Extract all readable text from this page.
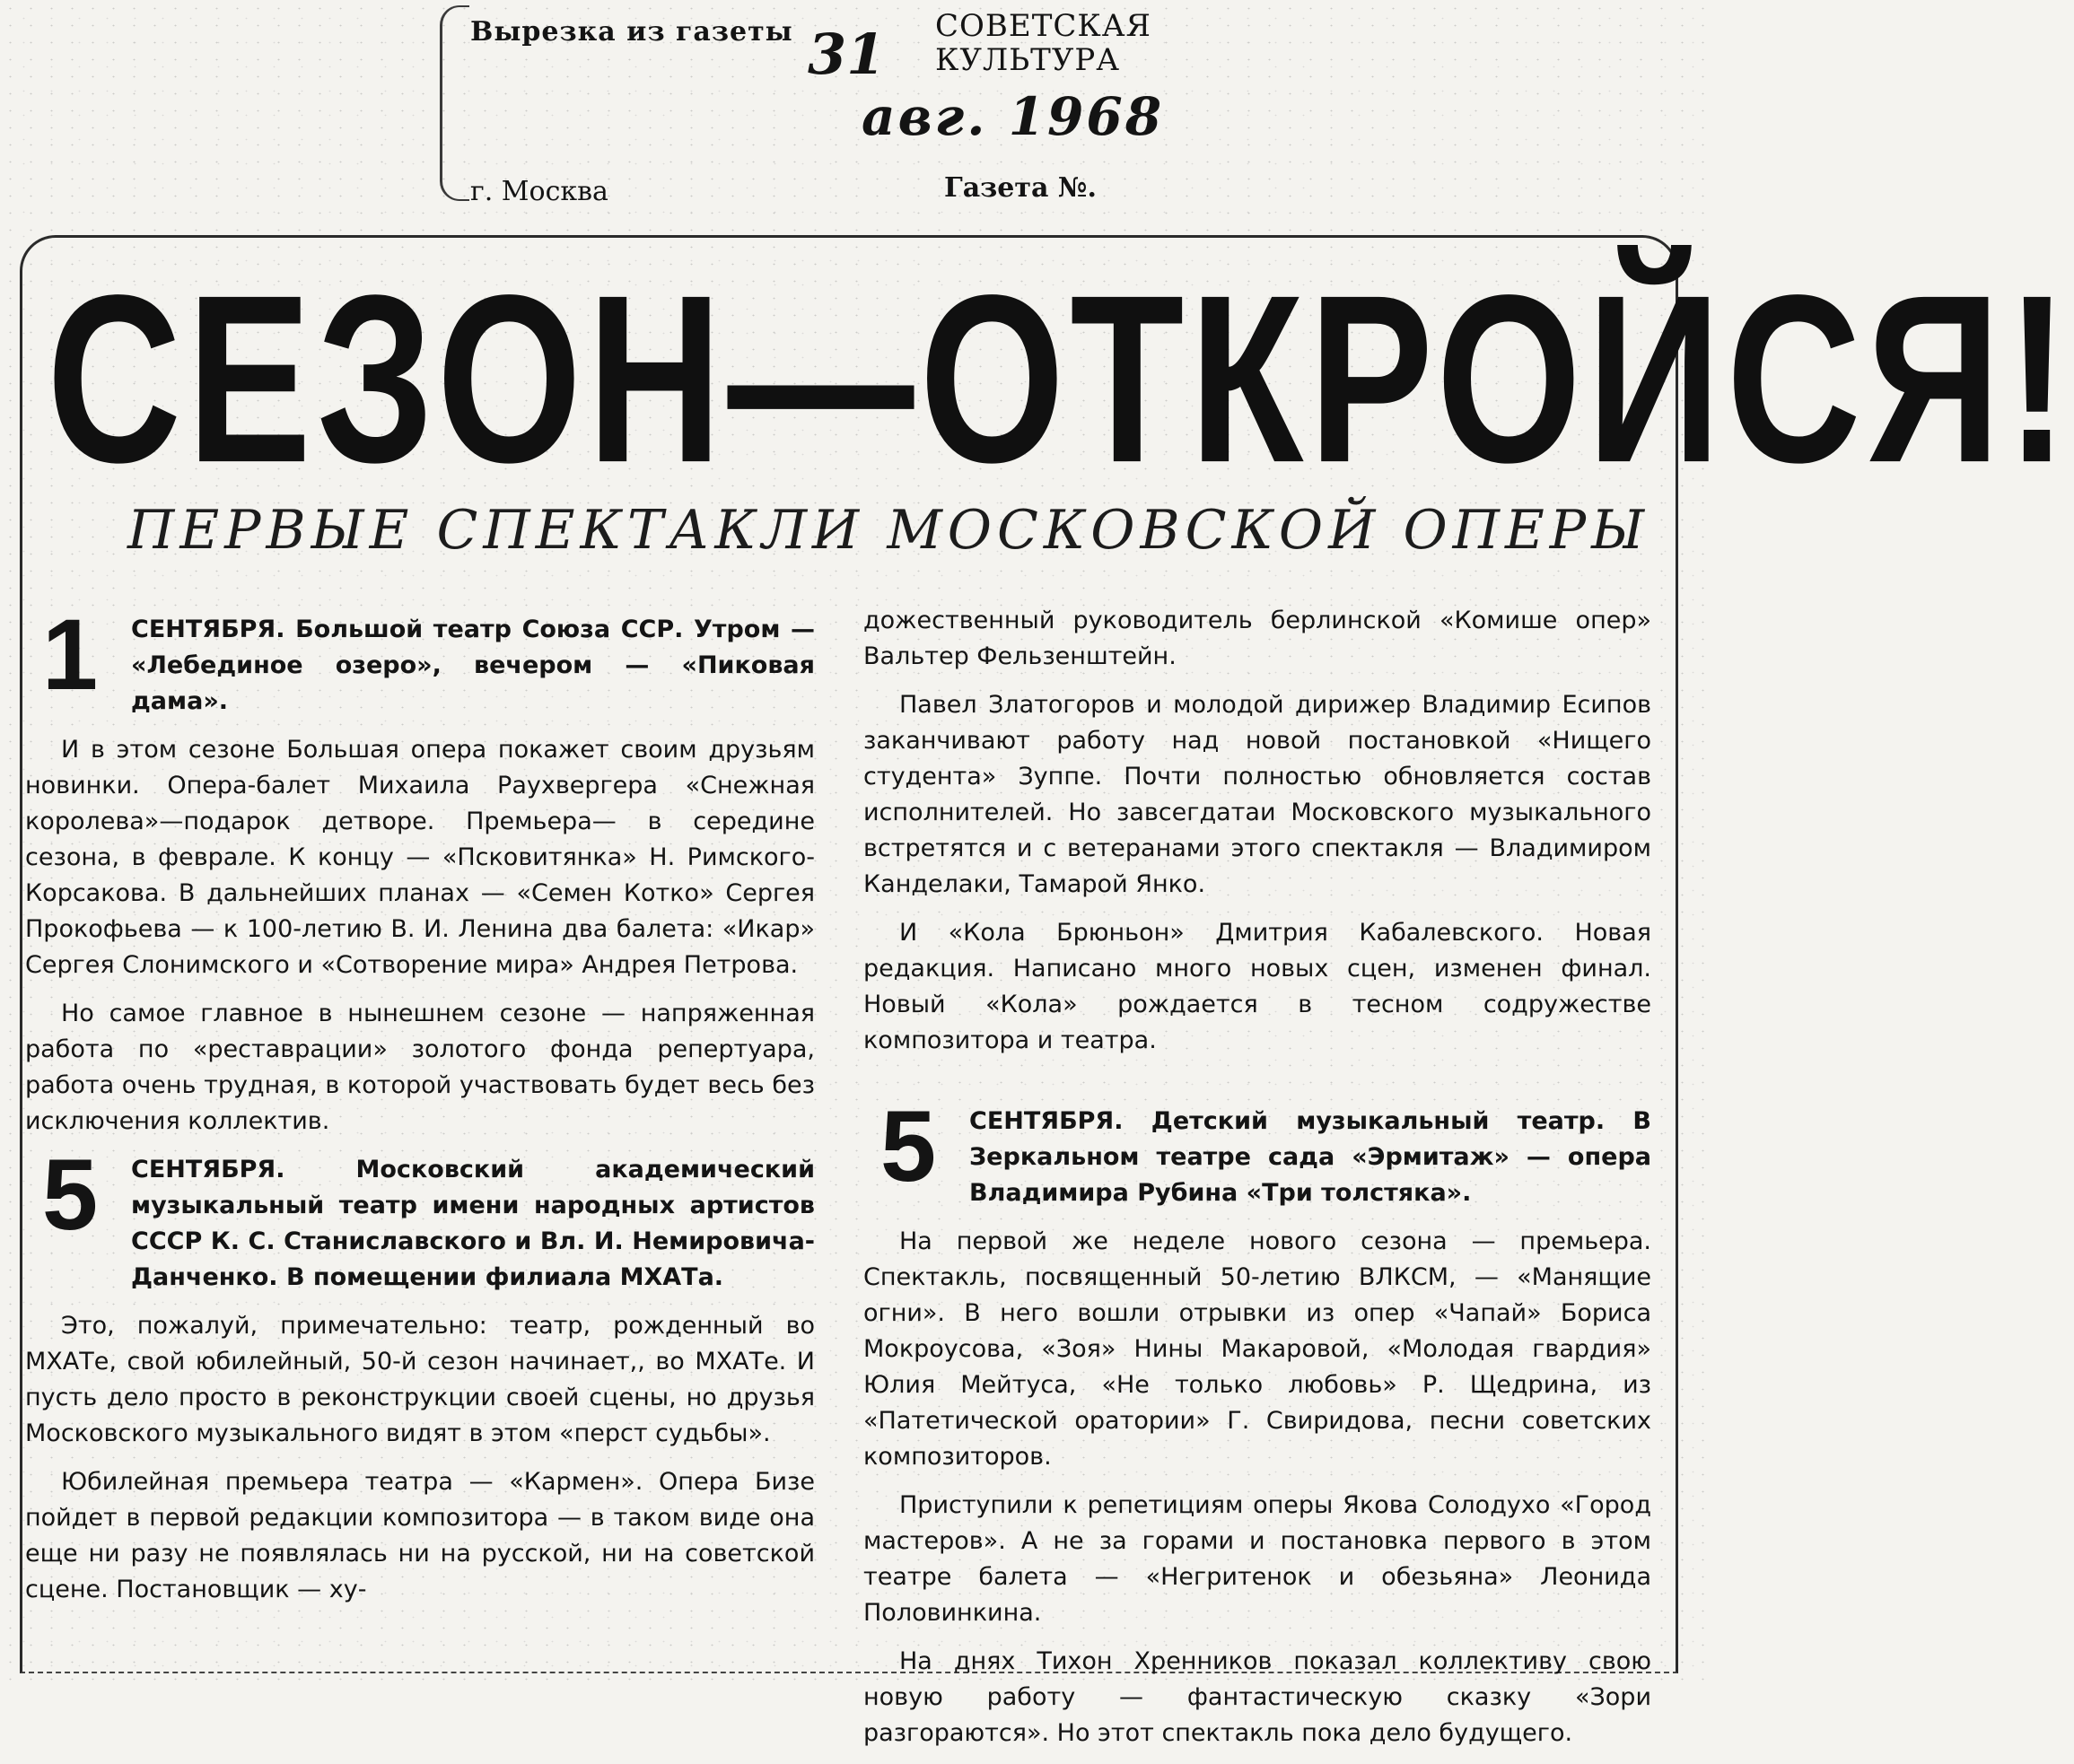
Вырезка из газеты 31
авг. 1968
СОВЕТСКАЯ
КУЛЬТУРА
г. Москва	Газета №.
СЕЗОН—ОТКРОЙСЯ!
ПЕРВЫЕ СПЕКТАКЛИ МОСКОВСКОЙ ОПЕРЫ
1	СЕНТЯБРЯ. Большой театр Союза ССР. Утром — «Лебединое озеро», вечером — «Пиковая дама».

И в этом сезоне Большая опера покажет своим друзьям новинки. Опера-балет Михаила Раухвергера «Снежная королева»—подарок детворе. Премьера— в середине сезона, в феврале. К концу — «Псковитянка» Н. Римского-Корсакова. В дальнейших планах — «Семен Котко» Сергея Прокофьева — к 100-летию В. И. Ленина два балета: «Икар» Сергея Слонимского и «Сотворение мира» Андрея Петрова.

Но самое главное в нынешнем сезоне — напряженная работа по «реставрации» золотого фонда репертуара, работа очень трудная, в которой участвовать будет весь без исключения коллектив.

5	СЕНТЯБРЯ. Московский академический музыкальный театр имени народных артистов СССР К. С. Станиславского и Вл. И. Немировича-Данченко. В помещении филиала МХАТа.

Это, пожалуй, примечательно: театр, рожденный во МХАТе, свой юбилейный, 50-й сезон начинает,, во МХАТе. И пусть дело просто в реконструкции своей сцены, но друзья Московского музыкального видят в этом «перст судьбы».

Юбилейная премьера театра — «Кармен». Опера Бизе пойдет в первой редакции композитора — в таком виде она еще ни разу не появлялась ни на русской, ни на советской сцене. Постановщик — ху-

дожественный руководитель берлинской «Комише опер» Вальтер Фельзенштейн.

Павел Златогоров и молодой дирижер Владимир Есипов заканчивают работу над новой постановкой «Нищего студента» Зуппе. Почти полностью обновляется состав исполнителей. Но завсегдатаи Московского музыкального встретятся и с ветеранами этого спектакля — Владимиром Канделаки, Тамарой Янко.

И «Кола Брюньон» Дмитрия Кабалевского. Новая редакция. Написано много новых сцен, изменен финал. Новый «Кола» рождается в тесном содружестве композитора и театра.

5	СЕНТЯБРЯ. Детский музыкальный театр. В Зеркальном театре сада «Эрмитаж» — опера Владимира Рубина «Три толстяка».

На первой же неделе нового сезона — премьера. Спектакль, посвященный 50-летию ВЛКСМ, — «Манящие огни». В него вошли отрывки из опер «Чапай» Бориса Мокроусова, «Зоя» Нины Макаровой, «Молодая гвардия» Юлия Мейтуса, «Не только любовь» Р. Щедрина, из «Патетической оратории» Г. Свиридова, песни советских композиторов.

Приступили к репетициям оперы Якова Солодухо «Город мастеров». А не за горами и постановка первого в этом театре балета — «Негритенок и обезьяна» Леонида Половинкина.

На днях Тихон Хренников показал коллективу свою новую работу — фантастическую сказку «Зори разгораются». Но этот спектакль пока дело будущего.
